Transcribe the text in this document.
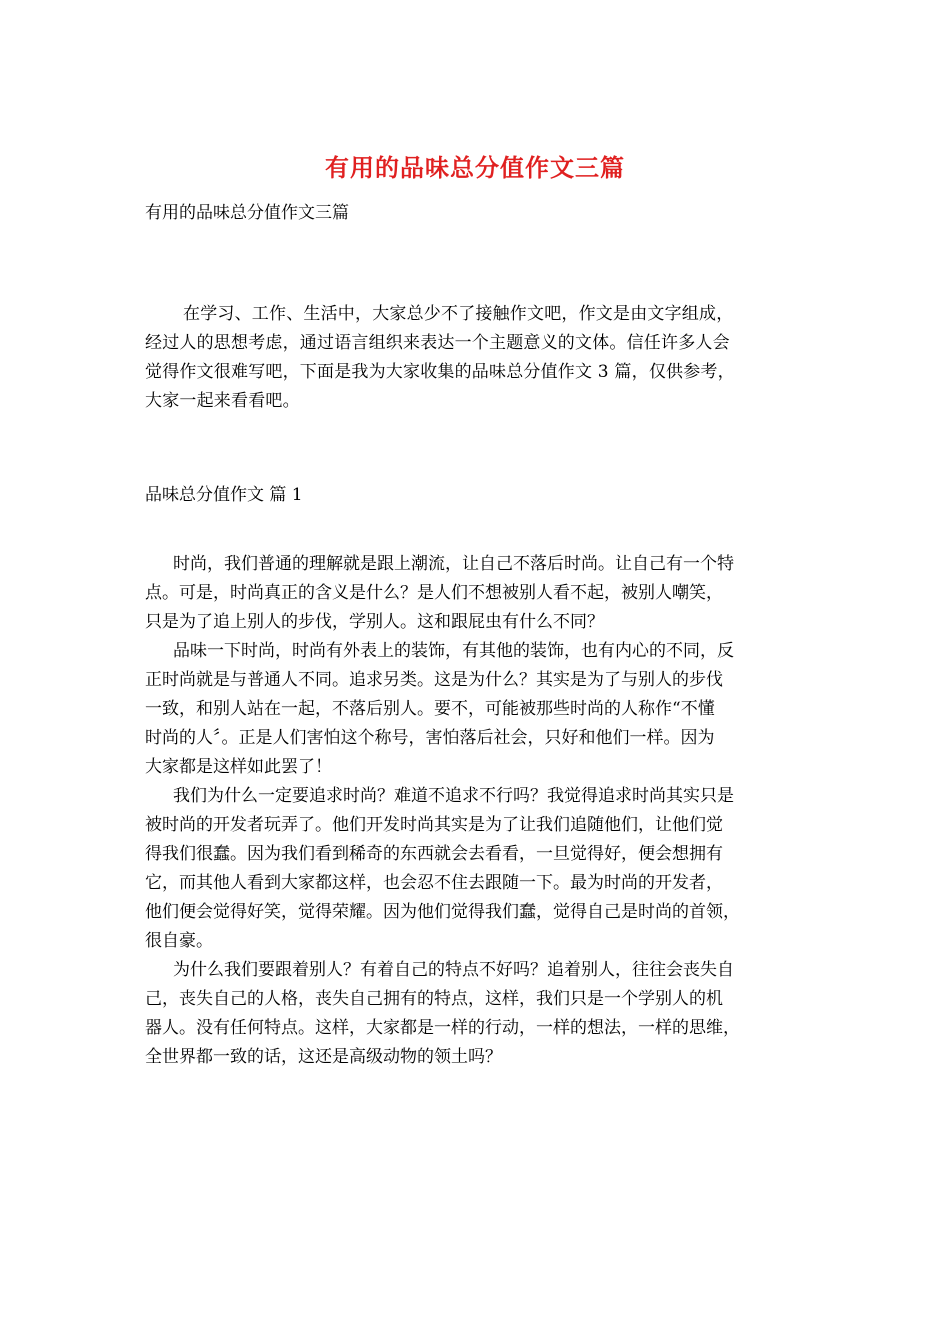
有用的品味总分值作文三篇

有用的品味总分值作文三篇

在学习、工作、生活中，大家总少不了接触作文吧，作文是由文字组成，
经过人的思想考虑，通过语言组织来表达一个主题意义的文体。信任许多人会
觉得作文很难写吧，下面是我为大家收集的品味总分值作文 3 篇，仅供参考，
大家一起来看看吧。

品味总分值作文 篇 1

时尚，我们普通的理解就是跟上潮流，让自己不落后时尚。让自己有一个特
点。可是，时尚真正的含义是什么？是人们不想被别人看不起，被别人嘲笑，
只是为了追上别人的步伐，学别人。这和跟屁虫有什么不同？

品味一下时尚，时尚有外表上的装饰，有其他的装饰，也有内心的不同，反
正时尚就是与普通人不同。追求另类。这是为什么？其实是为了与别人的步伐
一致，和别人站在一起，不落后别人。要不，可能被那些时尚的人称作“不懂
时尚的人〞。正是人们害怕这个称号，害怕落后社会，只好和他们一样。因为
大家都是这样如此罢了！

我们为什么一定要追求时尚？难道不追求不行吗？我觉得追求时尚其实只是
被时尚的开发者玩弄了。他们开发时尚其实是为了让我们追随他们，让他们觉
得我们很蠢。因为我们看到稀奇的东西就会去看看，一旦觉得好，便会想拥有
它，而其他人看到大家都这样，也会忍不住去跟随一下。最为时尚的开发者，
他们便会觉得好笑，觉得荣耀。因为他们觉得我们蠢，觉得自己是时尚的首领，
很自豪。

为什么我们要跟着别人？有着自己的特点不好吗？追着别人，往往会丧失自
己，丧失自己的人格，丧失自己拥有的特点，这样，我们只是一个学别人的机
器人。没有任何特点。这样，大家都是一样的行动，一样的想法，一样的思维，
全世界都一致的话，这还是高级动物的领土吗？
